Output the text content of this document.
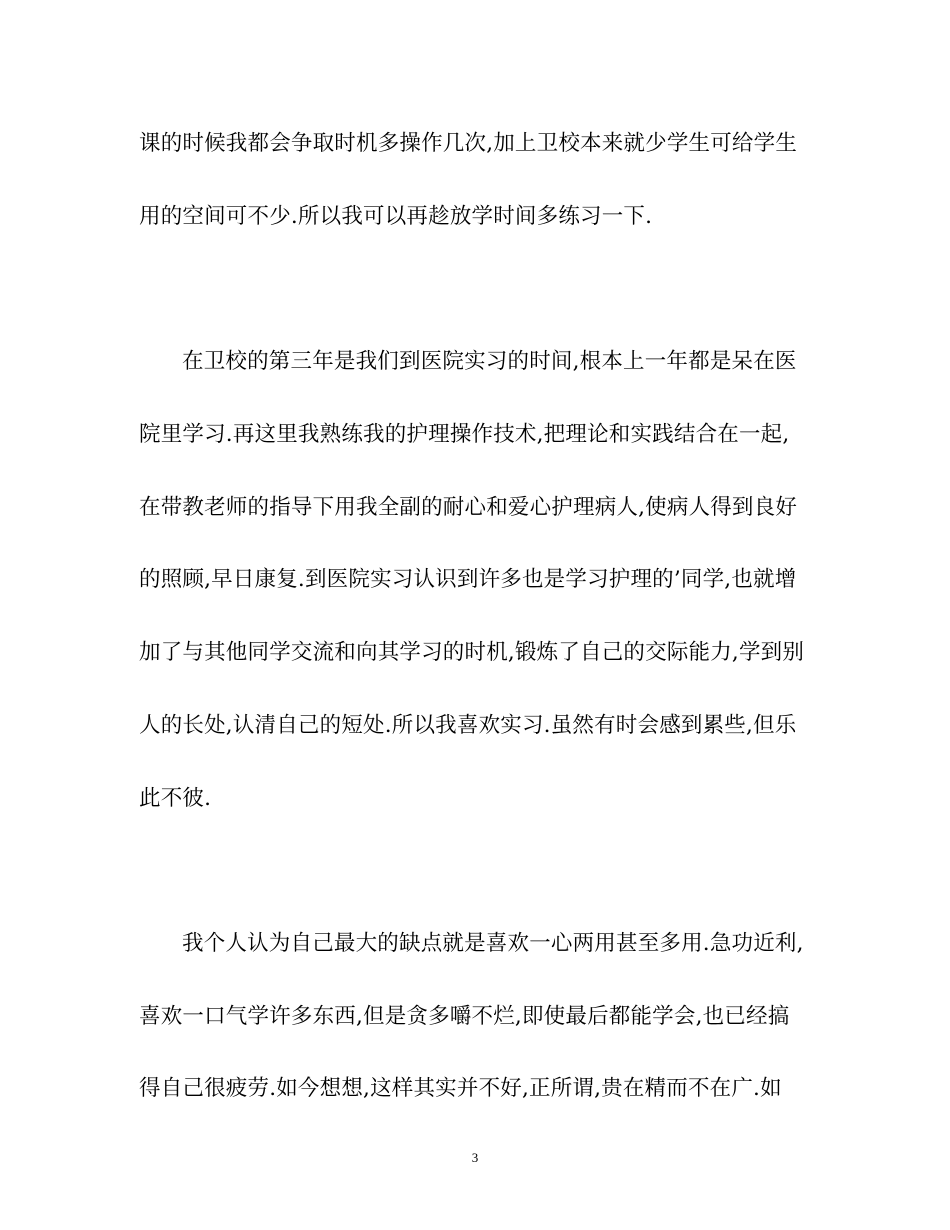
课的时候我都会争取时机多操作几次,加上卫校本来就少学生可给学生
用的空间可不少.所以我可以再趁放学时间多练习一下.
在卫校的第三年是我们到医院实习的时间,根本上一年都是呆在医
院里学习.再这里我熟练我的护理操作技术,把理论和实践结合在一起,
在带教老师的指导下用我全副的耐心和爱心护理病人,使病人得到良好
的照顾,早日康复.到医院实习认识到许多也是学习护理的’同学,也就增
加了与其他同学交流和向其学习的时机,锻炼了自己的交际能力,学到别
人的长处,认清自己的短处.所以我喜欢实习.虽然有时会感到累些,但乐
此不彼.
我个人认为自己最大的缺点就是喜欢一心两用甚至多用.急功近利,
喜欢一口气学许多东西,但是贪多嚼不烂,即使最后都能学会,也已经搞
得自己很疲劳.如今想想,这样其实并不好,正所谓,贵在精而不在广.如
3
